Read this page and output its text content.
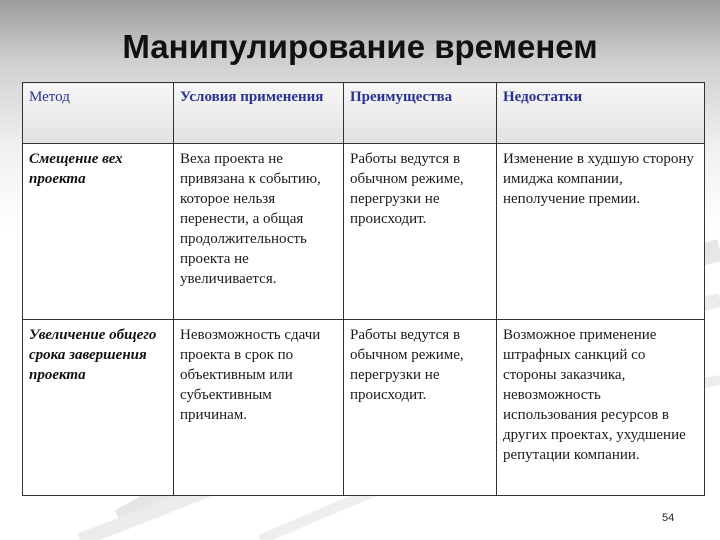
Манипулирование временем
Метод	Условия применения	Преимущества	Недостатки
Смещение вех проекта	Веха проекта не привязана к событию, которое нельзя перенести, а общая продолжительность проекта не увеличивается.	Работы ведутся в обычном режиме, перегрузки не происходит.	Изменение в худшую сторону имиджа компании, неполучение премии.
Увеличение общего срока завершения проекта	Невозможность сдачи проекта в срок по объективным или субъективным причинам.	Работы ведутся в обычном режиме, перегрузки не происходит.	Возможное применение штрафных санкций со стороны заказчика, невозможность использования ресурсов в других проектах, ухудшение репутации компании.
54
